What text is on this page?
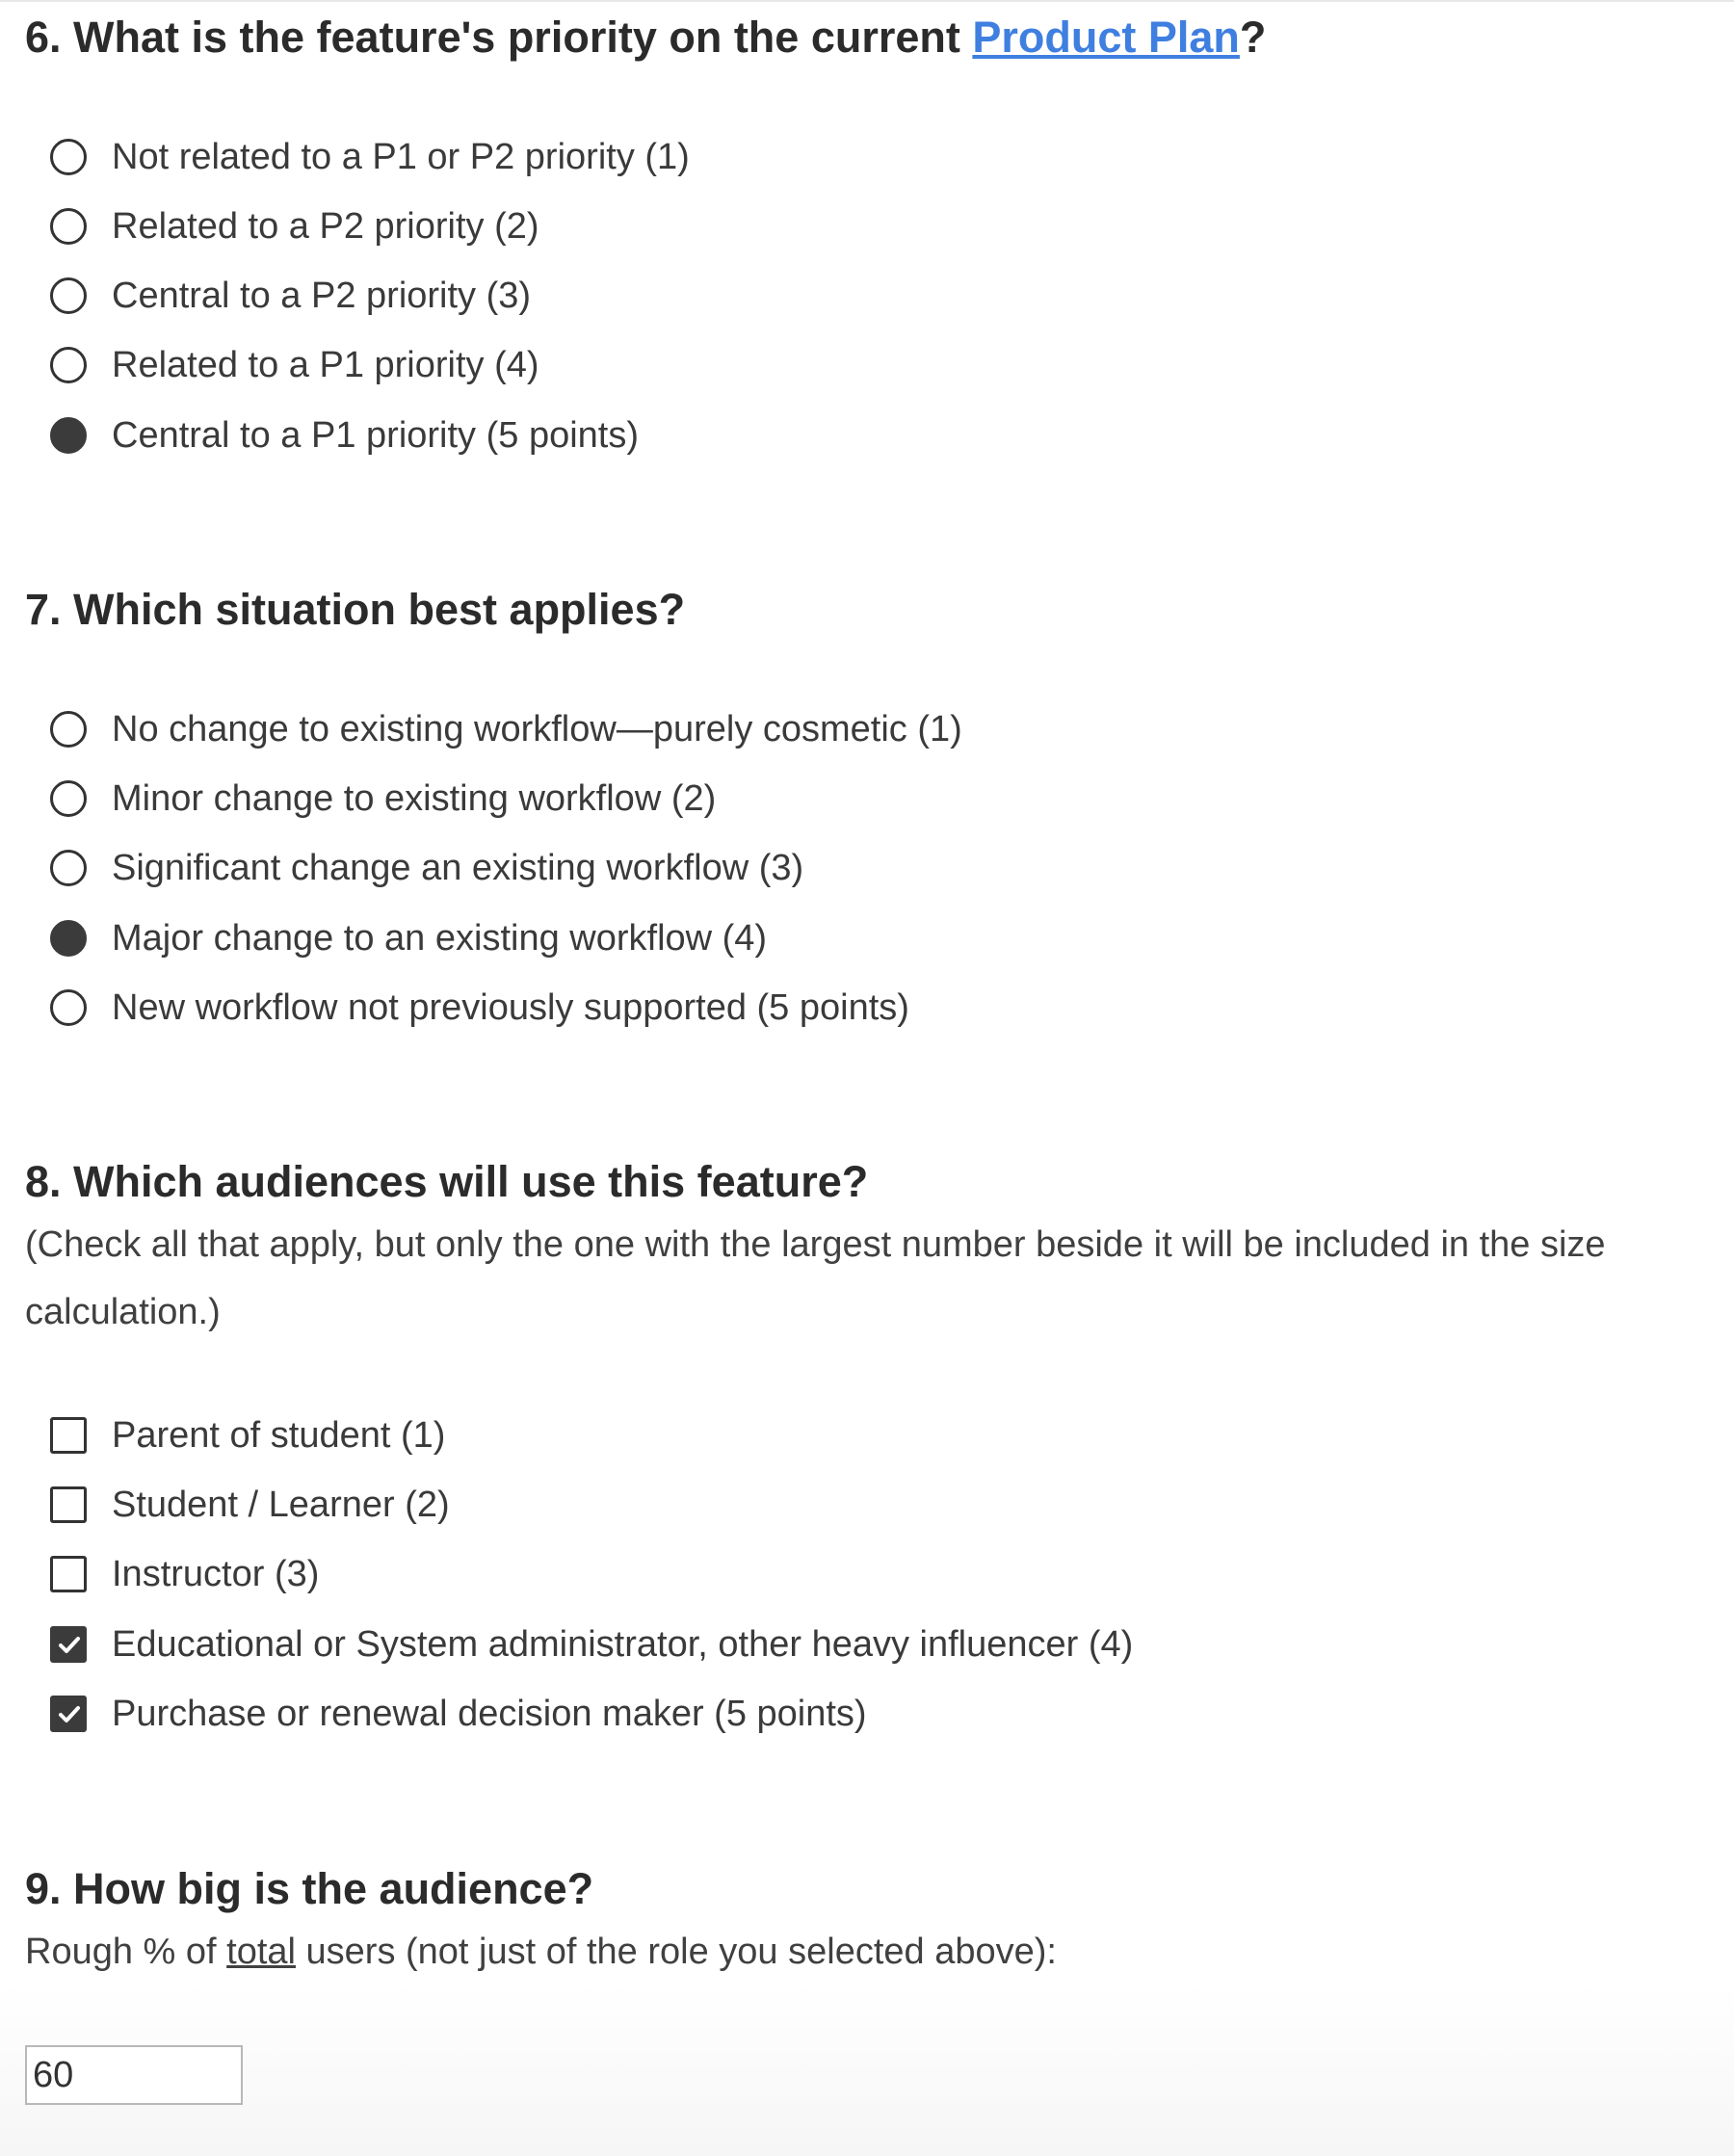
6. What is the feature's priority on the current Product Plan?
Not related to a P1 or P2 priority (1)
Related to a P2 priority (2)
Central to a P2 priority (3)
Related to a P1 priority (4)
Central to a P1 priority (5 points)
7. Which situation best applies?
No change to existing workflow—purely cosmetic (1)
Minor change to existing workflow (2)
Significant change an existing workflow (3)
Major change to an existing workflow (4)
New workflow not previously supported (5 points)
8. Which audiences will use this feature?
(Check all that apply, but only the one with the largest number beside it will be included in the size calculation.)
Parent of student (1)
Student / Learner (2)
Instructor (3)
Educational or System administrator, other heavy influencer (4)
Purchase or renewal decision maker (5 points)
9. How big is the audience?
Rough % of total users (not just of the role you selected above):
60
